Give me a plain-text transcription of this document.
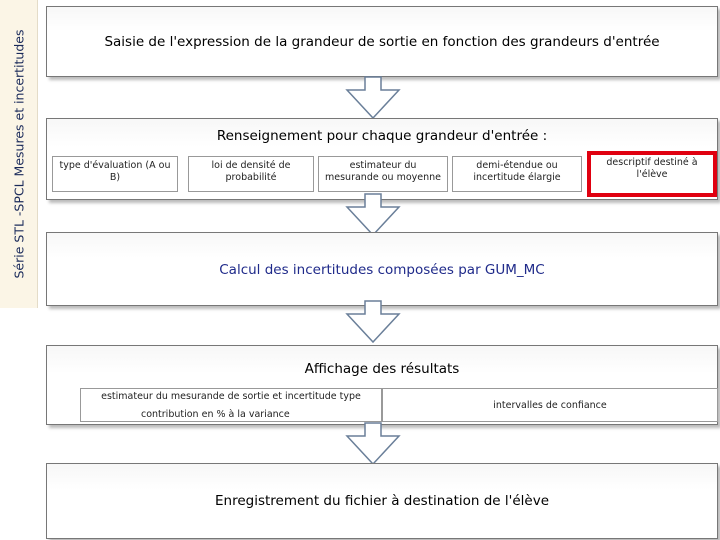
Série STL -SPCL Mesures et incertitudes	Saisie de l'expression de la grandeur de sortie en fonction des grandeurs d'entrée
Renseignement pour chaque grandeur d'entrée :
type d'évaluation (A ou B)
loi de densité de probabilité
estimateur du mesurande ou moyenne
demi-étendue ou incertitude élargie
descriptif destiné à l'élève
Calcul des incertitudes composées par GUM_MC
Affichage des résultats
estimateur du mesurande de sortie et incertitude type
contribution en % à la variance
intervalles de confiance
Enregistrement du fichier à destination de l'élève
